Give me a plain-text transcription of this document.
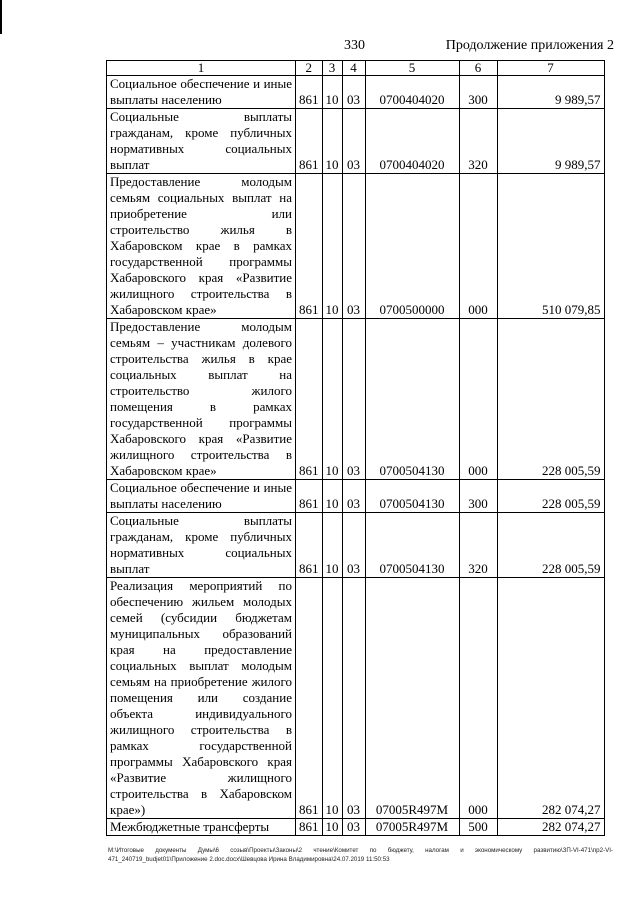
330	Продолжение приложения 2
1	2	3	4	5	6	7
Социальное обеспечение и иные выплаты населению	861	10	03	0700404020	300	9 989,57
Социальные выплаты гражданам, кроме публичных нормативных социальных выплат	861	10	03	0700404020	320	9 989,57
Предоставление молодым семьям социальных выплат на приобретение или строительство жилья в Хабаровском крае в рамках государственной программы Хабаровского края «Развитие жилищного строительства в Хабаровском крае»	861	10	03	0700500000	000	510 079,85
Предоставление молодым семьям – участникам долевого строительства жилья в крае социальных выплат на строительство жилого помещения в рамках государственной программы Хабаровского края «Развитие жилищного строительства в Хабаровском крае»	861	10	03	0700504130	000	228 005,59
Социальное обеспечение и иные выплаты населению	861	10	03	0700504130	300	228 005,59
Социальные выплаты гражданам, кроме публичных нормативных социальных выплат	861	10	03	0700504130	320	228 005,59
Реализация мероприятий по обеспечению жильем молодых семей (субсидии бюджетам муниципальных образований края на предоставление социальных выплат молодым семьям на приобретение жилого помещения или создание объекта индивидуального жилищного строительства в рамках государственной программы Хабаровского края «Развитие жилищного строительства в Хабаровском крае»)	861	10	03	07005R497M	000	282 074,27
Межбюджетные трансферты	861	10	03	07005R497M	500	282 074,27
M:\Итоговые документы Думы\6 созыв\Проекты\Законы\2 чтение\Комитет по бюджету, налогам и экономическому развитию\ЗП-VI-471\пр2-VI-471_240719_budjet01\Приложение 2.doc.docx\Шевцова Ирина Владимировна\24.07.2019 11:50:53
